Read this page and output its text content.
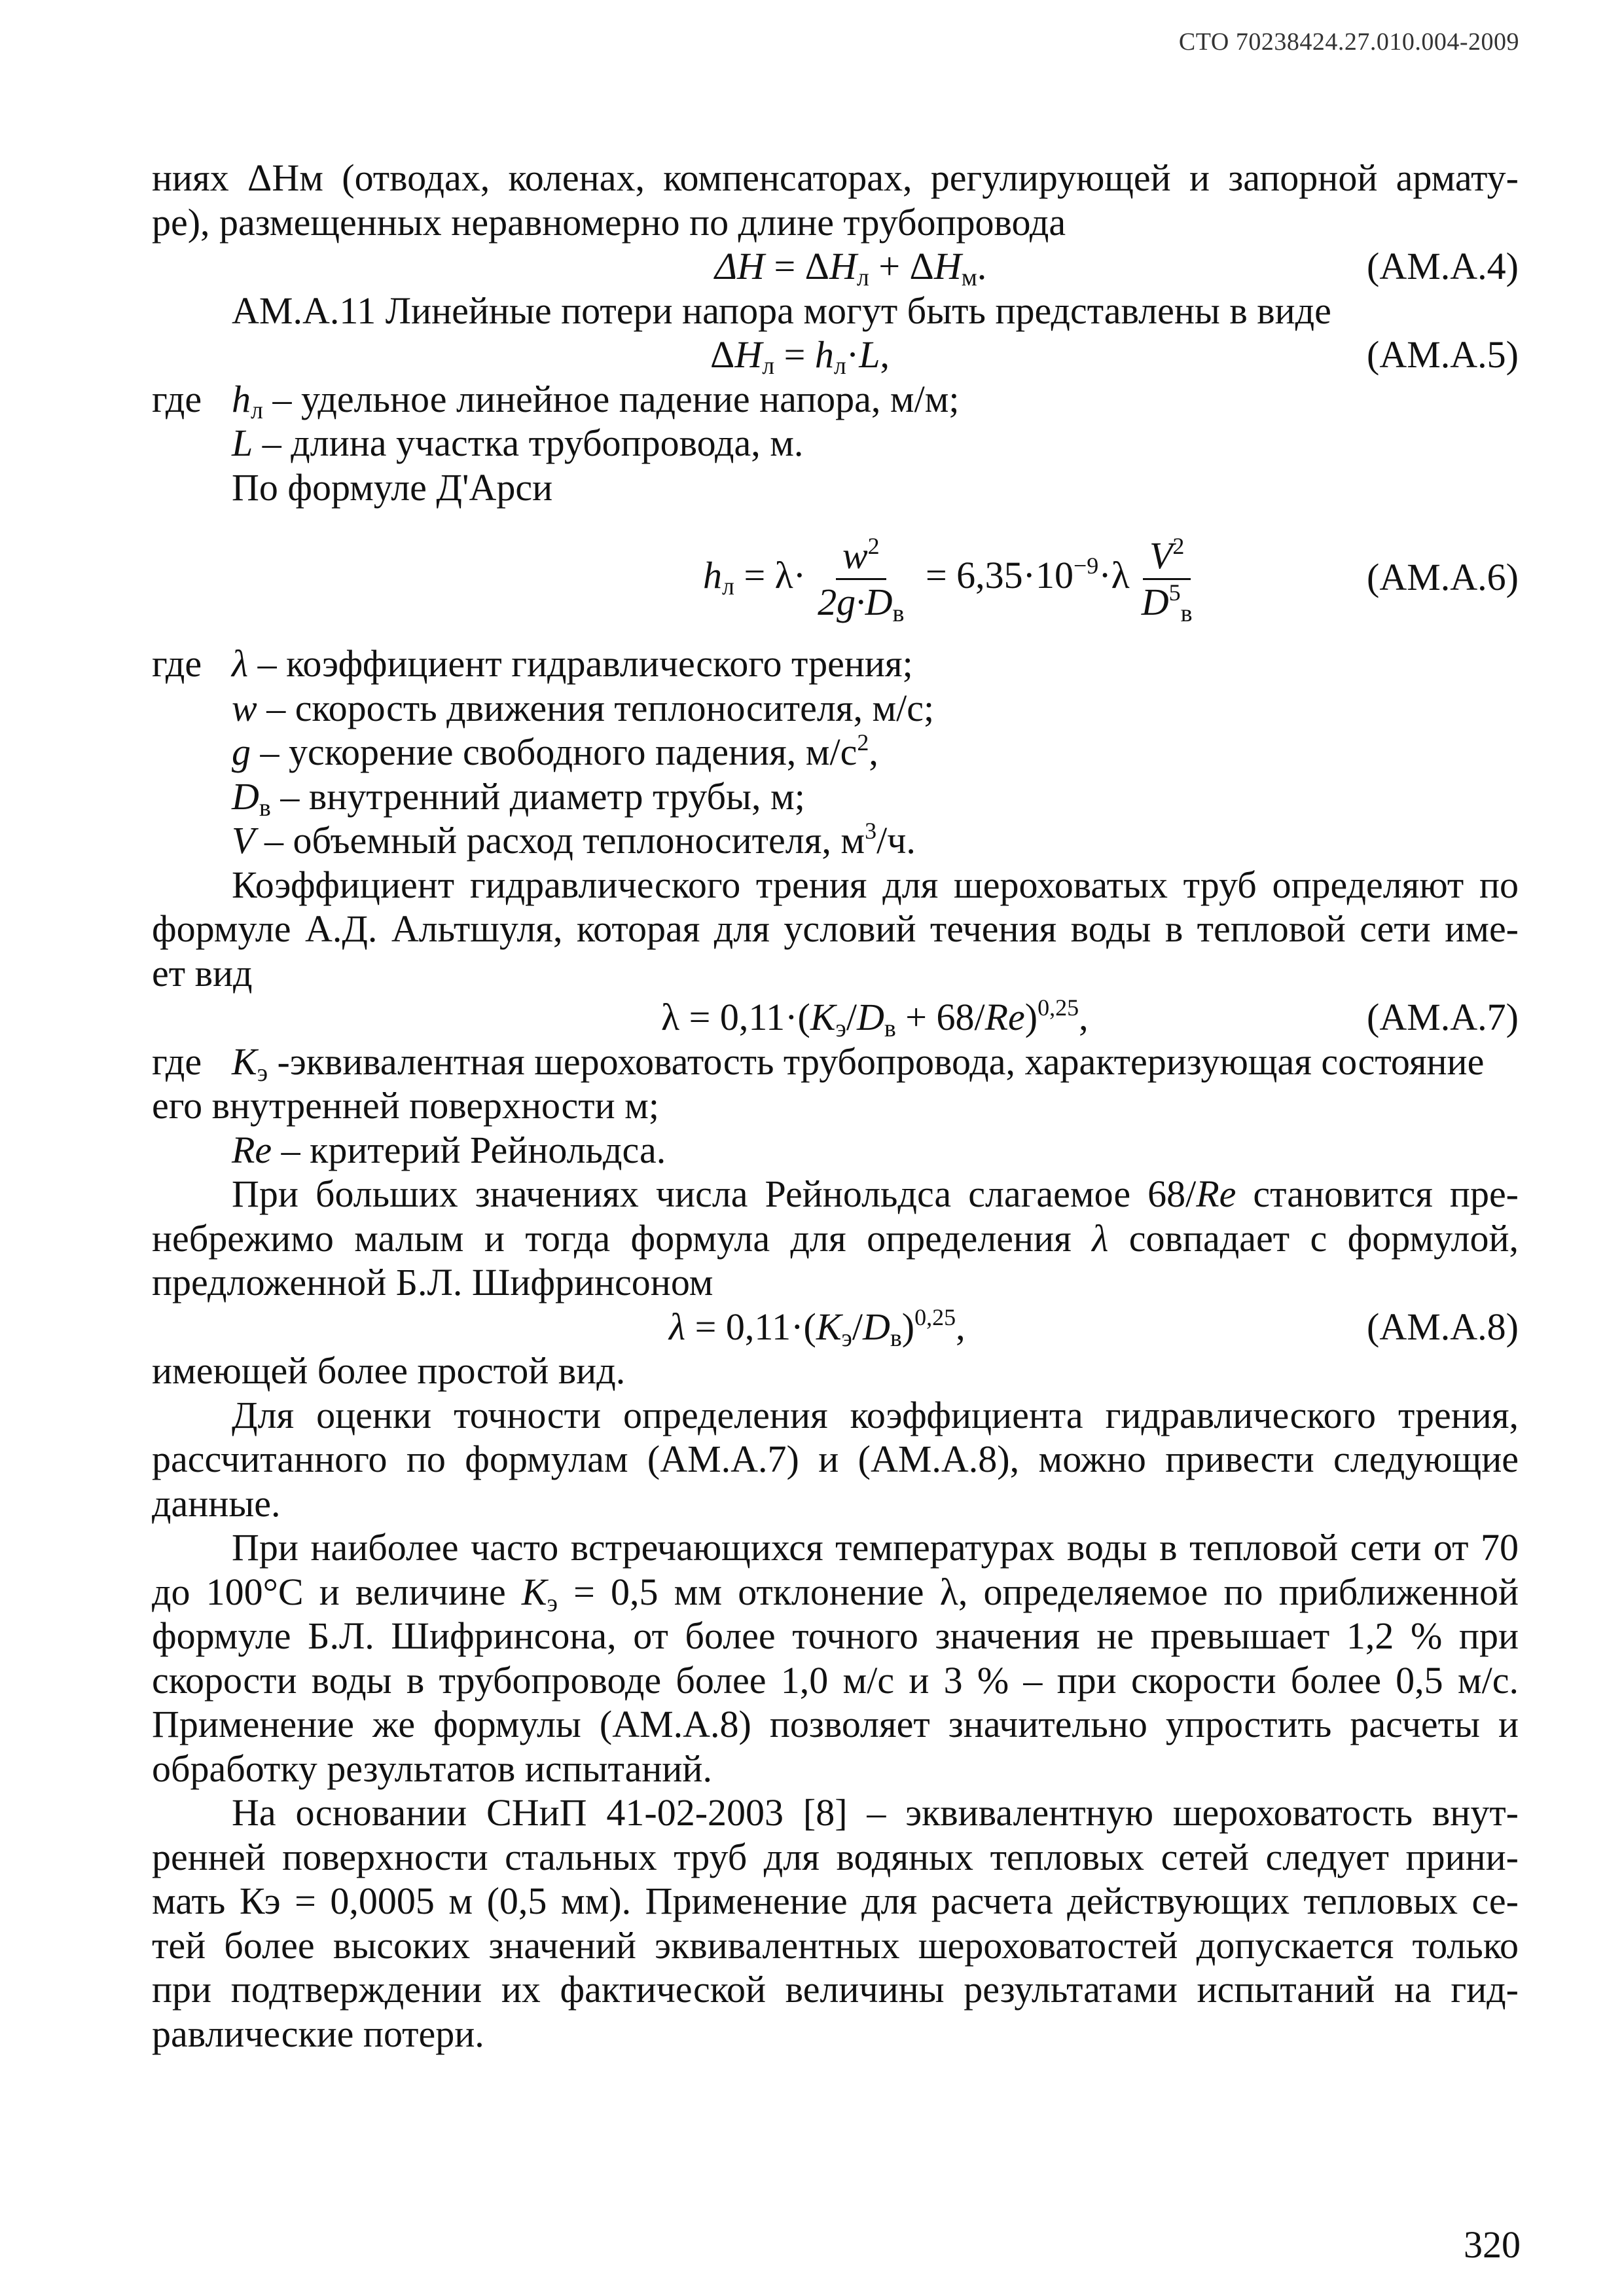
СТО 70238424.27.010.004-2009
ниях ΔНм (отводах, коленах, компенсаторах, регулирующей и запорной армату-
ре), размещенных неравномерно по длине трубопровода
$\Delta H = \Delta H_л + \Delta H_м$.	(АМ.А.4)
АМ.А.11 Линейные потери напора могут быть представлены в виде
$\Delta H_л = h_л\cdot L$,	(АМ.А.5)
где $h_л$ – удельное линейное падение напора, м/м;
L – длина участка трубопровода, м.
По формуле Д'Арси
$h_л = \lambda\cdot \frac{w^2}{2g\cdot D_в} = 6,35\cdot 10^{-9}\cdot\lambda \frac{V^2}{D^5_в}$	(АМ.А.6)
где λ – коэффициент гидравлического трения;
w – скорость движения теплоносителя, м/с;
g – ускорение свободного падения, $м/с^2$,
$D_в$ – внутренний диаметр трубы, м;
V – объемный расход теплоносителя, $м^3/ч$.
Коэффициент гидравлического трения для шероховатых труб определяют по
формуле А.Д. Альтшуля, которая для условий течения воды в тепловой сети име-
ет вид
$\lambda = 0,11\cdot(K_э/D_в + 68/Re)^{0,25}$,	(АМ.А.7)
где $K_э$ -эквивалентная шероховатость трубопровода, характеризующая состояние
его внутренней поверхности м;
Re – критерий Рейнольдса.
При больших значениях числа Рейнольдса слагаемое 68/Re становится пре-
небрежимо малым и тогда формула для определения λ совпадает с формулой,
предложенной Б.Л. Шифринсоном
$\lambda = 0,11\cdot(K_э/D_в)^{0,25}$,	(АМ.А.8)
имеющей более простой вид.
Для оценки точности определения коэффициента гидравлического трения,
рассчитанного по формулам (АМ.А.7) и (АМ.А.8), можно привести следующие
данные.
При наиболее часто встречающихся температурах воды в тепловой сети от 70
до 100°С и величине $K_э = 0,5$ мм отклонение λ, определяемое по приближенной
формуле Б.Л. Шифринсона, от более точного значения не превышает 1,2 % при
скорости воды в трубопроводе более 1,0 м/с и 3 % – при скорости более 0,5 м/с.
Применение же формулы (АМ.А.8) позволяет значительно упростить расчеты и
обработку результатов испытаний.
На основании СНиП 41-02-2003 [8] – эквивалентную шероховатость внут-
ренней поверхности стальных труб для водяных тепловых сетей следует прини-
мать Кэ = 0,0005 м (0,5 мм). Применение для расчета действующих тепловых се-
тей более высоких значений эквивалентных шероховатостей допускается только
при подтверждении их фактической величины результатами испытаний на гид-
равлические потери.
320
